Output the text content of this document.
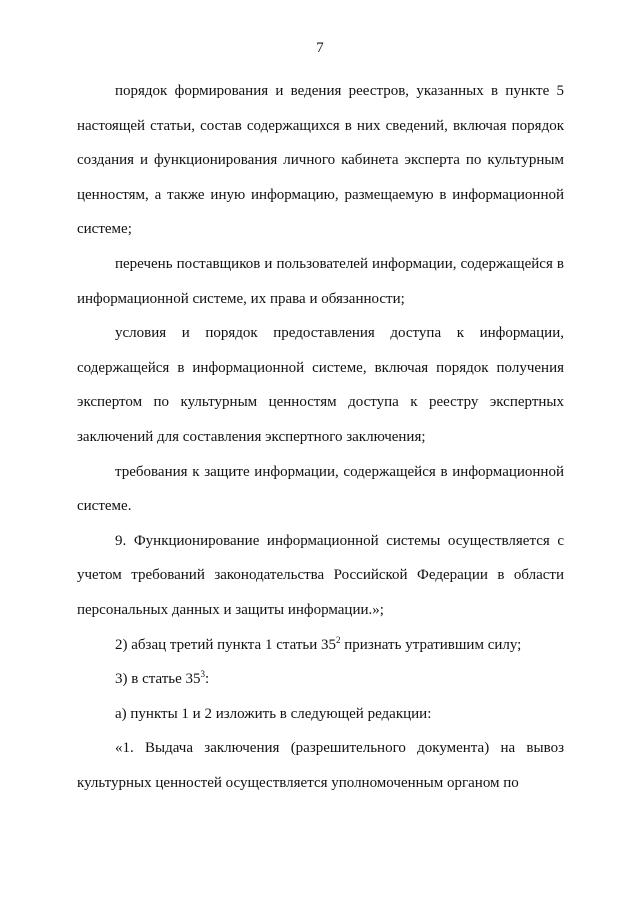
7

порядок формирования и ведения реестров, указанных в пункте 5 настоящей статьи, состав содержащихся в них сведений, включая порядок создания и функционирования личного кабинета эксперта по культурным ценностям, а также иную информацию, размещаемую в информационной системе;

перечень поставщиков и пользователей информации, содержащейся в информационной системе, их права и обязанности;

условия и порядок предоставления доступа к информации, содержащейся в информационной системе, включая порядок получения экспертом по культурным ценностям доступа к реестру экспертных заключений для составления экспертного заключения;

требования к защите информации, содержащейся в информационной системе.

9. Функционирование информационной системы осуществляется с учетом требований законодательства Российской Федерации в области персональных данных и защиты информации.»;

2) абзац третий пункта 1 статьи $35^2$ признать утратившим силу;

3) в статье $35^3$:

а) пункты 1 и 2 изложить в следующей редакции:

«1. Выдача заключения (разрешительного документа) на вывоз культурных ценностей осуществляется уполномоченным органом по
